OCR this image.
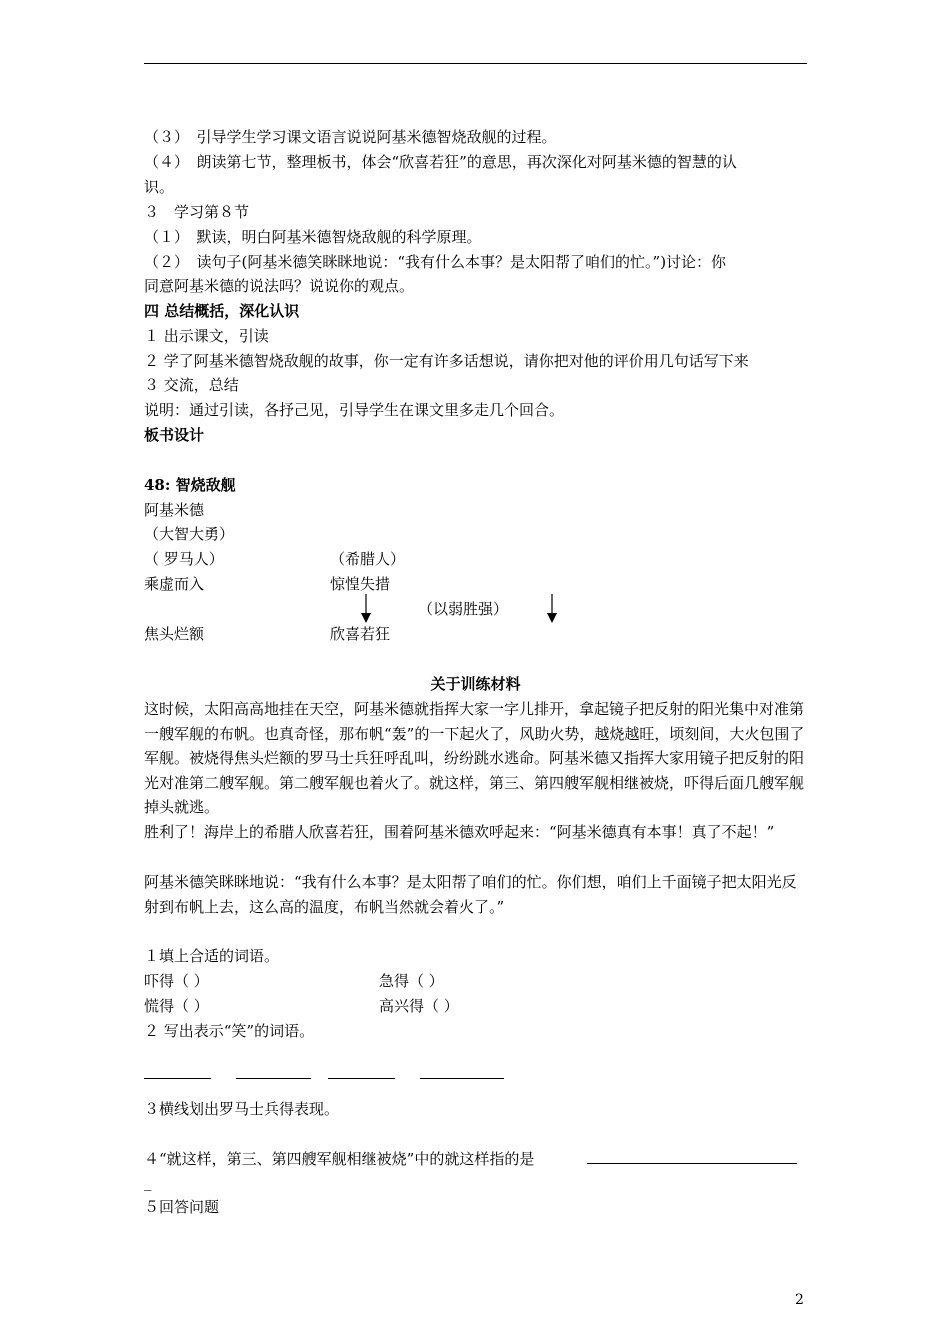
（３）　引导学生学习课文语言说说阿基米德智烧敌舰的过程。
（４）　朗读第七节，整理板书，体会“欣喜若狂”的意思，再次深化对阿基米德的智慧的认
识。
３　学习第８节
（１）　默读，明白阿基米德智烧敌舰的科学原理。
（２）　读句子(阿基米德笑眯眯地说：“我有什么本事？是太阳帮了咱们的忙。”)讨论：你
同意阿基米德的说法吗？说说你的观点。
四 总结概括，深化认识
１ 出示课文，引读
２ 学了阿基米德智烧敌舰的故事，你一定有许多话想说，请你把对他的评价用几句话写下来
３ 交流，总结
说明：通过引读，各抒己见，引导学生在课文里多走几个回合。
板书设计
48: 智烧敌舰
阿基米德
（大智大勇）
（ 罗马人）	（希腊人）
乘虚而入	惊惶失措
（以弱胜强）
焦头烂额	欣喜若狂
关于训练材料
这时候，太阳高高地挂在天空，阿基米德就指挥大家一字儿排开，拿起镜子把反射的阳光集中对准第一艘军舰的布帆。也真奇怪，那布帆“轰”的一下起火了，风助火势，越烧越旺，顷刻间，大火包围了军舰。被烧得焦头烂额的罗马士兵狂呼乱叫，纷纷跳水逃命。阿基米德又指挥大家用镜子把反射的阳光对准第二艘军舰。第二艘军舰也着火了。就这样，第三、第四艘军舰相继被烧，吓得后面几艘军舰掉头就逃。
胜利了！海岸上的希腊人欣喜若狂，围着阿基米德欢呼起来：“阿基米德真有本事！真了不起！”
阿基米德笑眯眯地说：“我有什么本事？是太阳帮了咱们的忙。你们想，咱们上千面镜子把太阳光反射到布帆上去，这么高的温度，布帆当然就会着火了。”
１填上合适的词语。
吓得（ ）	急得（ ）
慌得（ ）	高兴得（ ）
２ 写出表示“笑”的词语。
３横线划出罗马士兵得表现。
４“就这样，第三、第四艘军舰相继被烧”中的就这样指的是
_
５回答问题
2
